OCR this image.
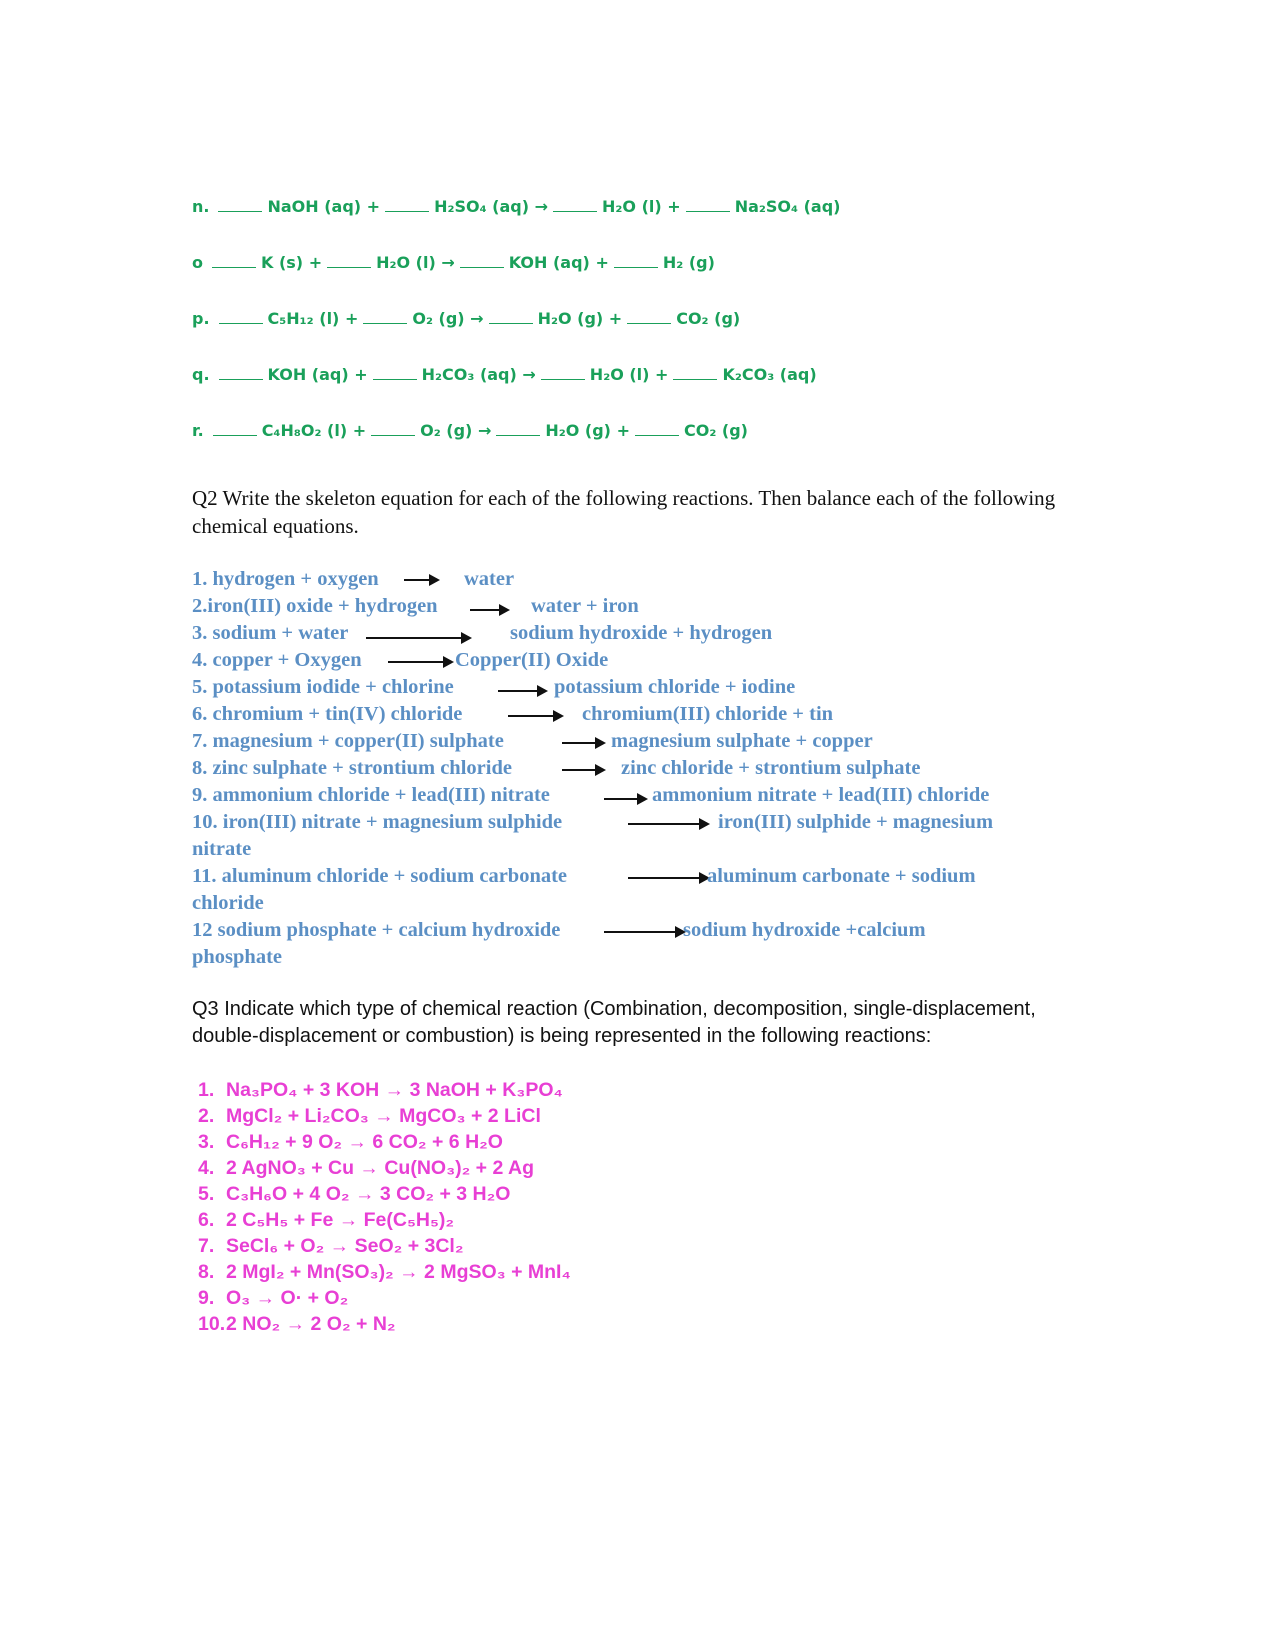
n.	NaOH (aq) +	H₂SO₄ (aq) →	H₂O (l) +	Na₂SO₄ (aq)
o	K (s) +	H₂O (l) →	KOH (aq) +	H₂ (g)
p.	C₅H₁₂ (l) +	O₂ (g) →	H₂O (g) +	CO₂ (g)
q.	KOH (aq) +	H₂CO₃ (aq) →	H₂O (l) +	K₂CO₃ (aq)
r.	C₄H₈O₂ (l) +	O₂ (g) →	H₂O (g) +	CO₂ (g)
Q2 Write the skeleton equation for each of the following reactions. Then balance each of the following chemical equations.
1. hydrogen + oxygen	water
2.iron(III) oxide + hydrogen	water + iron
3. sodium + water	sodium hydroxide + hydrogen
4. copper + Oxygen	Copper(II) Oxide
5. potassium iodide + chlorine	potassium chloride + iodine
6. chromium + tin(IV) chloride	chromium(III) chloride + tin
7. magnesium + copper(II) sulphate	magnesium sulphate + copper
8. zinc sulphate + strontium chloride	zinc chloride + strontium sulphate
9. ammonium chloride + lead(III) nitrate	ammonium nitrate + lead(III) chloride
10. iron(III) nitrate + magnesium sulphide	iron(III) sulphide + magnesium
nitrate
11. aluminum chloride + sodium carbonate	aluminum carbonate + sodium
chloride
12 sodium phosphate + calcium hydroxide	sodium hydroxide +calcium
phosphate
Q3 Indicate which type of chemical reaction (Combination, decomposition, single-displacement, double-displacement or combustion) is being represented in the following reactions:
1. Na₃PO₄ + 3 KOH → 3 NaOH + K₃PO₄
2. MgCl₂ + Li₂CO₃ → MgCO₃ + 2 LiCl
3. C₆H₁₂ + 9 O₂ → 6 CO₂ + 6 H₂O
4. 2 AgNO₃ + Cu → Cu(NO₃)₂ + 2 Ag
5. C₃H₆O + 4 O₂ → 3 CO₂ + 3 H₂O
6. 2 C₅H₅ + Fe → Fe(C₅H₅)₂
7. SeCl₆ + O₂ → SeO₂ + 3Cl₂
8. 2 MgI₂ + Mn(SO₃)₂ → 2 MgSO₃ + MnI₄
9. O₃ → O· + O₂
10.2 NO₂ → 2 O₂ + N₂
